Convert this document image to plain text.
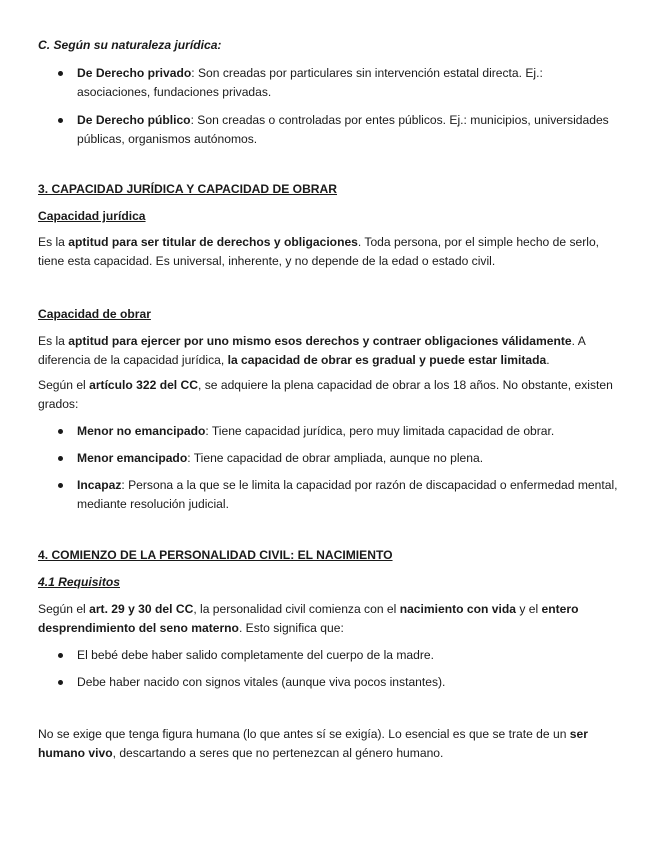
C. Según su naturaleza jurídica:
De Derecho privado: Son creadas por particulares sin intervención estatal directa. Ej.: asociaciones, fundaciones privadas.
De Derecho público: Son creadas o controladas por entes públicos. Ej.: municipios, universidades públicas, organismos autónomos.
3. CAPACIDAD JURÍDICA Y CAPACIDAD DE OBRAR
Capacidad jurídica
Es la aptitud para ser titular de derechos y obligaciones. Toda persona, por el simple hecho de serlo, tiene esta capacidad. Es universal, inherente, y no depende de la edad o estado civil.
Capacidad de obrar
Es la aptitud para ejercer por uno mismo esos derechos y contraer obligaciones válidamente. A diferencia de la capacidad jurídica, la capacidad de obrar es gradual y puede estar limitada.
Según el artículo 322 del CC, se adquiere la plena capacidad de obrar a los 18 años. No obstante, existen grados:
Menor no emancipado: Tiene capacidad jurídica, pero muy limitada capacidad de obrar.
Menor emancipado: Tiene capacidad de obrar ampliada, aunque no plena.
Incapaz: Persona a la que se le limita la capacidad por razón de discapacidad o enfermedad mental, mediante resolución judicial.
4. COMIENZO DE LA PERSONALIDAD CIVIL: EL NACIMIENTO
4.1 Requisitos
Según el art. 29 y 30 del CC, la personalidad civil comienza con el nacimiento con vida y el entero desprendimiento del seno materno. Esto significa que:
El bebé debe haber salido completamente del cuerpo de la madre.
Debe haber nacido con signos vitales (aunque viva pocos instantes).
No se exige que tenga figura humana (lo que antes sí se exigía). Lo esencial es que se trate de un ser humano vivo, descartando a seres que no pertenezcan al género humano.
